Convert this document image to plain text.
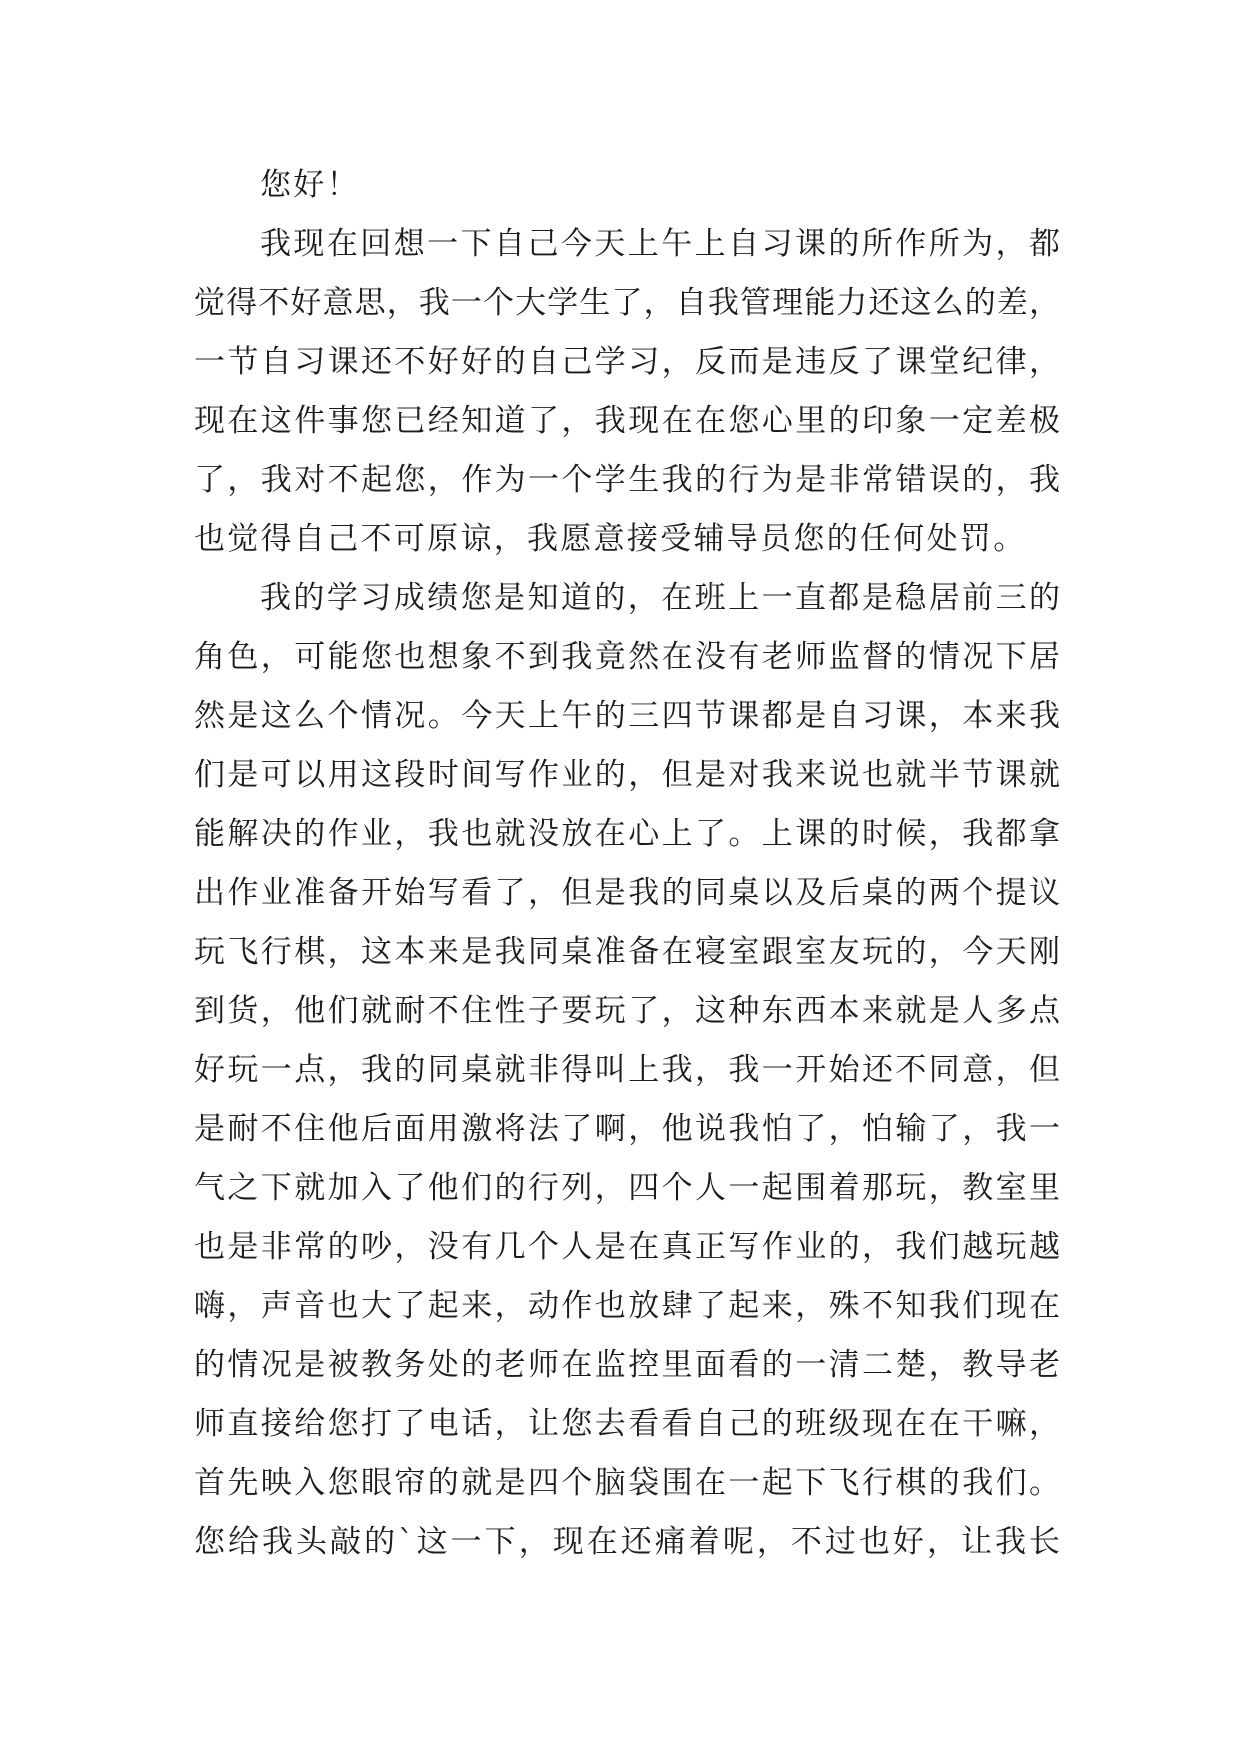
您好！
我现在回想一下自己今天上午上自习课的所作所为，都
觉得不好意思，我一个大学生了，自我管理能力还这么的差，
一节自习课还不好好的自己学习，反而是违反了课堂纪律，
现在这件事您已经知道了，我现在在您心里的印象一定差极
了，我对不起您，作为一个学生我的行为是非常错误的，我
也觉得自己不可原谅，我愿意接受辅导员您的任何处罚。
我的学习成绩您是知道的，在班上一直都是稳居前三的
角色，可能您也想象不到我竟然在没有老师监督的情况下居
然是这么个情况。今天上午的三四节课都是自习课，本来我
们是可以用这段时间写作业的，但是对我来说也就半节课就
能解决的作业，我也就没放在心上了。上课的时候，我都拿
出作业准备开始写看了，但是我的同桌以及后桌的两个提议
玩飞行棋，这本来是我同桌准备在寝室跟室友玩的，今天刚
到货，他们就耐不住性子要玩了，这种东西本来就是人多点
好玩一点，我的同桌就非得叫上我，我一开始还不同意，但
是耐不住他后面用激将法了啊，他说我怕了，怕输了，我一
气之下就加入了他们的行列，四个人一起围着那玩，教室里
也是非常的吵，没有几个人是在真正写作业的，我们越玩越
嗨，声音也大了起来，动作也放肆了起来，殊不知我们现在
的情况是被教务处的老师在监控里面看的一清二楚，教导老
师直接给您打了电话，让您去看看自己的班级现在在干嘛，
首先映入您眼帘的就是四个脑袋围在一起下飞行棋的我们。
您给我头敲的`这一下，现在还痛着呢，不过也好，让我长
